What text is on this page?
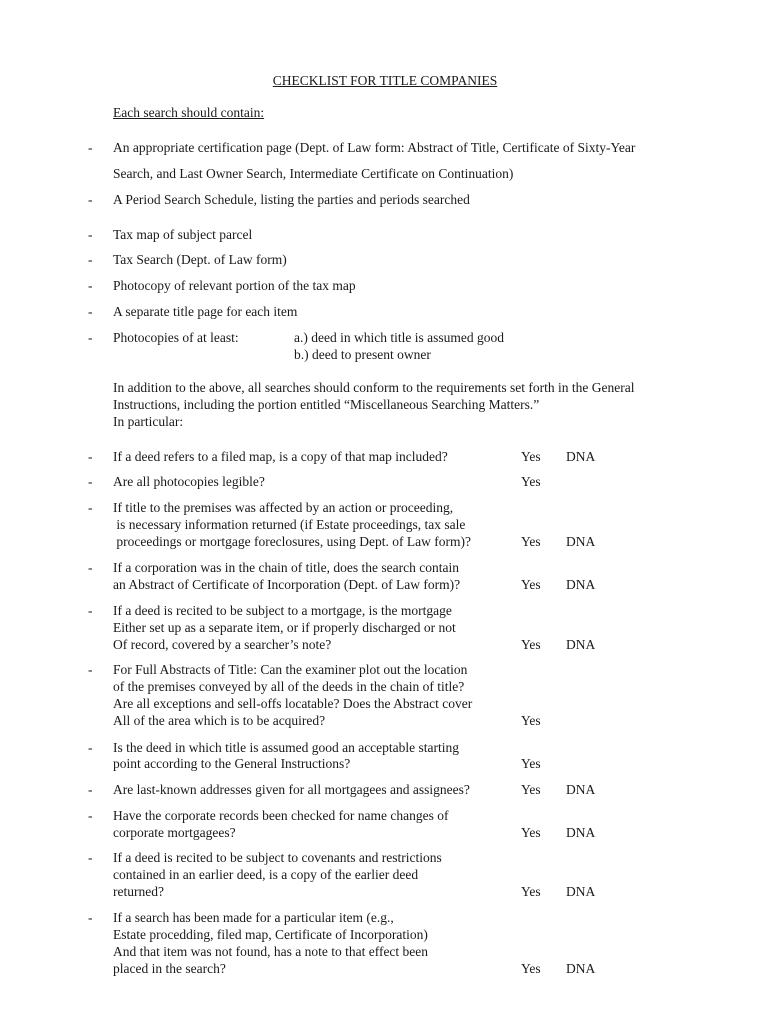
CHECKLIST FOR TITLE COMPANIES
Each search should contain:
- An appropriate certification page (Dept. of Law form: Abstract of Title, Certificate of Sixty-Year
Search, and Last Owner Search, Intermediate Certificate on Continuation)
- A Period Search Schedule, listing the parties and periods searched
- Tax map of subject parcel
- Tax Search (Dept. of Law form)
- Photocopy of relevant portion of the tax map
- A separate title page for each item
- Photocopies of at least:	a.) deed in which title is assumed good
b.) deed to present owner
In addition to the above, all searches should conform to the requirements set forth in the General
Instructions, including the portion entitled “Miscellaneous Searching Matters.”
In particular:
- If a deed refers to a filed map, is a copy of that map included?	Yes DNA
- Are all photocopies legible?	Yes
- If title to the premises was affected by an action or proceeding,
is necessary information returned (if Estate proceedings, tax sale
proceedings or mortgage foreclosures, using Dept. of Law form)?	Yes DNA
- If a corporation was in the chain of title, does the search contain
an Abstract of Certificate of Incorporation (Dept. of Law form)?	Yes DNA
- If a deed is recited to be subject to a mortgage, is the mortgage
Either set up as a separate item, or if properly discharged or not
Of record, covered by a searcher’s note?	Yes DNA
- For Full Abstracts of Title: Can the examiner plot out the location
of the premises conveyed by all of the deeds in the chain of title?
Are all exceptions and sell-offs locatable? Does the Abstract cover
All of the area which is to be acquired?	Yes
- Is the deed in which title is assumed good an acceptable starting
point according to the General Instructions?	Yes
- Are last-known addresses given for all mortgagees and assignees?	Yes DNA
- Have the corporate records been checked for name changes of
corporate mortgagees?	Yes DNA
- If a deed is recited to be subject to covenants and restrictions
contained in an earlier deed, is a copy of the earlier deed
returned?	Yes DNA
- If a search has been made for a particular item (e.g.,
Estate procedding, filed map, Certificate of Incorporation)
And that item was not found, has a note to that effect been
placed in the search?	Yes DNA
